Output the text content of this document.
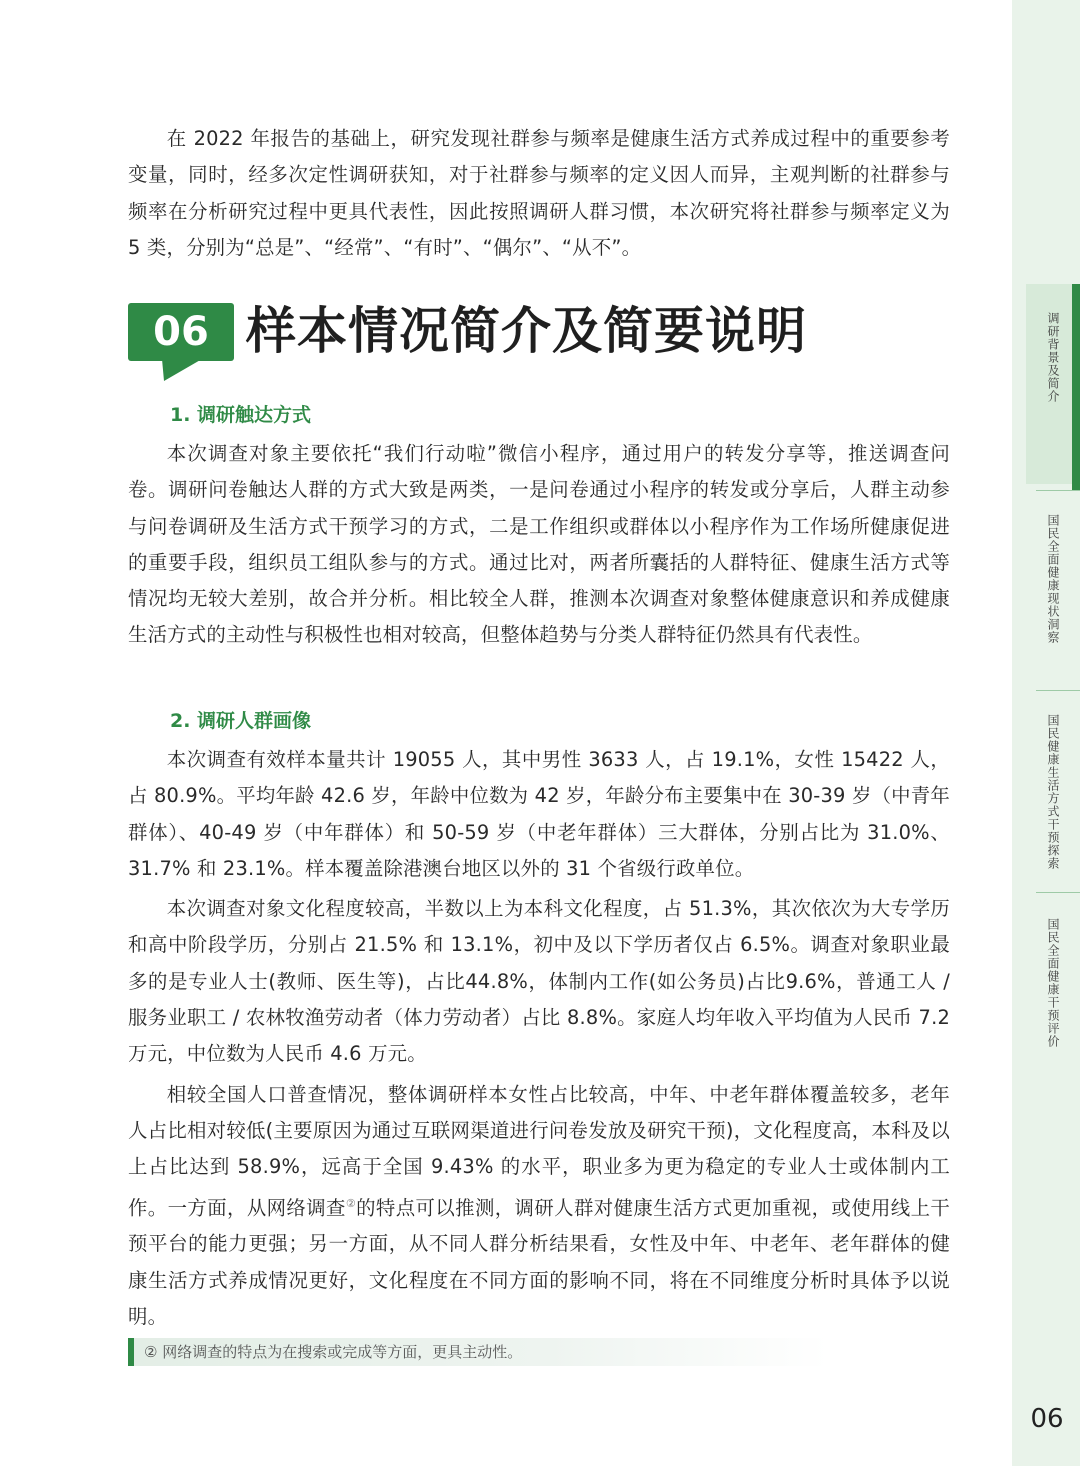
在 2022 年报告的基础上，研究发现社群参与频率是健康生活方式养成过程中的重要参考变量，同时，经多次定性调研获知，对于社群参与频率的定义因人而异，主观判断的社群参与频率在分析研究过程中更具代表性，因此按照调研人群习惯，本次研究将社群参与频率定义为 5 类，分别为“总是”、“经常”、“有时”、“偶尔”、“从不”。

06 样本情况简介及简要说明
1. 调研触达方式

本次调查对象主要依托“我们行动啦”微信小程序，通过用户的转发分享等，推送调查问卷。调研问卷触达人群的方式大致是两类，一是问卷通过小程序的转发或分享后，人群主动参与问卷调研及生活方式干预学习的方式，二是工作组织或群体以小程序作为工作场所健康促进的重要手段，组织员工组队参与的方式。通过比对，两者所囊括的人群特征、健康生活方式等情况均无较大差别，故合并分析。相比较全人群，推测本次调查对象整体健康意识和养成健康生活方式的主动性与积极性也相对较高，但整体趋势与分类人群特征仍然具有代表性。

2. 调研人群画像

本次调查有效样本量共计 19055 人，其中男性 3633 人，占 19.1%，女性 15422 人，占 80.9%。平均年龄 42.6 岁，年龄中位数为 42 岁，年龄分布主要集中在 30-39 岁（中青年群体）、40-49 岁（中年群体）和 50-59 岁（中老年群体）三大群体，分别占比为 31.0%、31.7% 和 23.1%。样本覆盖除港澳台地区以外的 31 个省级行政单位。

本次调查对象文化程度较高，半数以上为本科文化程度，占 51.3%，其次依次为大专学历和高中阶段学历，分别占 21.5% 和 13.1%，初中及以下学历者仅占 6.5%。调查对象职业最多的是专业人士(教师、医生等)，占比44.8%，体制内工作(如公务员)占比9.6%，普通工人 / 服务业职工 / 农林牧渔劳动者（体力劳动者）占比 8.8%。家庭人均年收入平均值为人民币 7.2 万元，中位数为人民币 4.6 万元。

相较全国人口普查情况，整体调研样本女性占比较高，中年、中老年群体覆盖较多，老年人占比相对较低(主要原因为通过互联网渠道进行问卷发放及研究干预)，文化程度高，本科及以上占比达到 58.9%，远高于全国 9.43% 的水平，职业多为更为稳定的专业人士或体制内工作。一方面，从网络调查②的特点可以推测，调研人群对健康生活方式更加重视，或使用线上干预平台的能力更强；另一方面，从不同人群分析结果看，女性及中年、中老年、老年群体的健康生活方式养成情况更好，文化程度在不同方面的影响不同，将在不同维度分析时具体予以说明。

② 网络调查的特点为在搜索或完成等方面，更具主动性。
调研背景及简介
国民全面健康现状洞察
国民健康生活方式干预探索
国民全面健康干预评价
06
